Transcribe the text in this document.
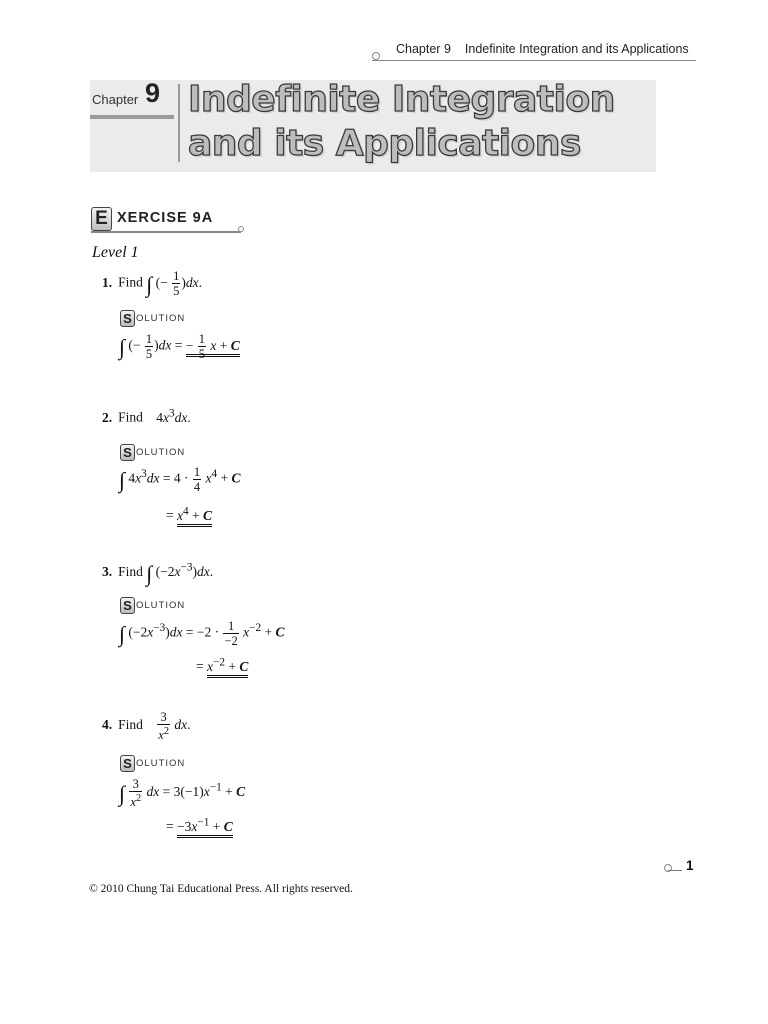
Chapter 9 Indefinite Integration and its Applications
Chapter 9 Indefinite Integration and its Applications
E XERCISE 9A
Level 1
1. Find ∫ (− $\frac{1}{5} )dx$.
S OLUTION
∫ (− $\frac{1}{5} )dx$ = − $\frac{1}{5}$ x + C
2. Find $4x^3dx$.
S OLUTION
∫ $4x^3dx = 4 \cdot \frac{1}{4} x^4 + C$
= $x^4 + C$
3. Find ∫ $(-2x^{-3})dx$.
S OLUTION
∫ $(-2x^{-3})dx = -2 \cdot \frac{1}{-2} x^{-2} + C$
= $x^{-2} + C$
4. Find $\frac{3}{x^2}$ dx.
S OLUTION
∫ $\frac{3}{x^2}$ dx = $3(-1)x^{-1} + C$
= $-3x^{-1} + C$
1
© 2010 Chung Tai Educational Press. All rights reserved.
